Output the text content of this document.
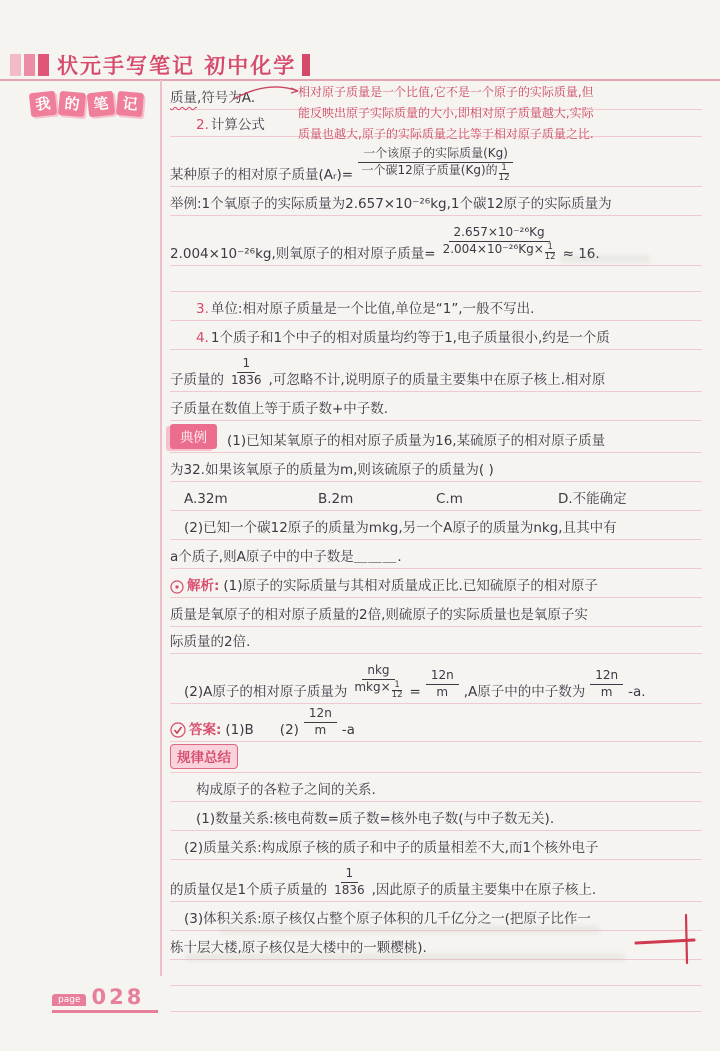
状元手写笔记 初中化学
我 的 笔 记	质量 ,符号为A.	相对原子质量是一个比值,它不是一个原子的实际质量,但
能反映出原子实际质量的大小,即相对原子质量越大,实际
质量也越大,原子的实际质量之比等于相对原子质量之比.
2. 计算公式
某种原子的相对原子质量(Aᵣ)= $\frac{\text{一个该原子的实际质量(Kg)}}{一个碳12原子质量(Kg)的 \frac{1}{12}}$
举例:1个氧原子的实际质量为2.657×10⁻²⁶kg,1个碳12原子的实际质量为
2.004×10⁻²⁶kg,则氧原子的相对原子质量= $\frac{\text{2.657×10⁻²⁶Kg}}{2.004\times 10^{-26}Kg\times \frac{1}{12}} \approx 16$.
3. 单位:相对原子质量是一个比值,单位是“1”,一般不写出.
4. 1个质子和1个中子的相对质量均约等于1,电子质量很小,约是一个质
子质量的 $\frac{1}{1836}$ ,可忽略不计,说明原子的质量主要集中在原子核上.相对原
子质量在数值上等于质子数+中子数.
典例	(1)已知某氧原子的相对原子质量为16,某硫原子的相对原子质量
为32.如果该氧原子的质量为m,则该硫原子的质量为( )
A.32m	B.2m	C.m	D.不能确定
(2)已知一个碳12原子的质量为mkg,另一个A原子的质量为nkg,且其中有
a个质子,则A原子中的中子数是 ＿＿＿ .
解析: (1)原子的实际质量与其相对质量成正比.已知硫原子的相对原子
质量是氧原子的相对原子质量的2倍,则硫原子的实际质量也是氧原子实
际质量的2倍.
(2)A原子的相对原子质量为 $\frac{\text{nkg}}{mkg\times \frac{1}{12}} = \frac{12n}{m} ,A$原子中的中子数为 $\frac{12n}{m} -a$.
答案: (1)B $(2) \frac{12n}{m} -a$
规律总结
构成原子的各粒子之间的关系.
(1)数量关系:核电荷数=质子数=核外电子数(与中子数无关).
(2)质量关系:构成原子核的质子和中子的质量相差不大,而1个核外电子
的质量仅是1个质子质量的 $\frac{1}{1836}$ ,因此原子的质量主要集中在原子核上.
(3)体积关系:原子核仅占整个原子体积的几千亿分之一(把原子比作一
栋十层大楼,原子核仅是大楼中的一颗樱桃).
page 028
